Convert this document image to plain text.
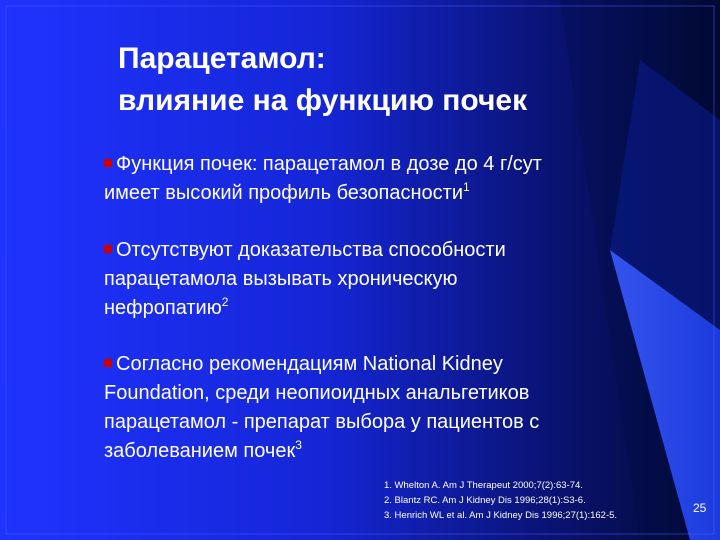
Парацетамол:
влияние на функцию почек
Функция почек: парацетамол в дозе до 4 г/сут
имеет высокий профиль безопасности$^1$
Отсутствуют доказательства способности
парацетамола вызывать хроническую
нефропатию$^2$
Согласно рекомендациям National Kidney
Foundation, среди неопиоидных анальгетиков
парацетамол - препарат выбора у пациентов с
заболеванием почек$^3$
1. Whelton A. Am J Therapeut 2000;7(2):63-74.
2. Blantz RC. Am J Kidney Dis 1996;28(1):S3-6.
3. Henrich WL et al. Am J Kidney Dis 1996;27(1):162-5.
25
